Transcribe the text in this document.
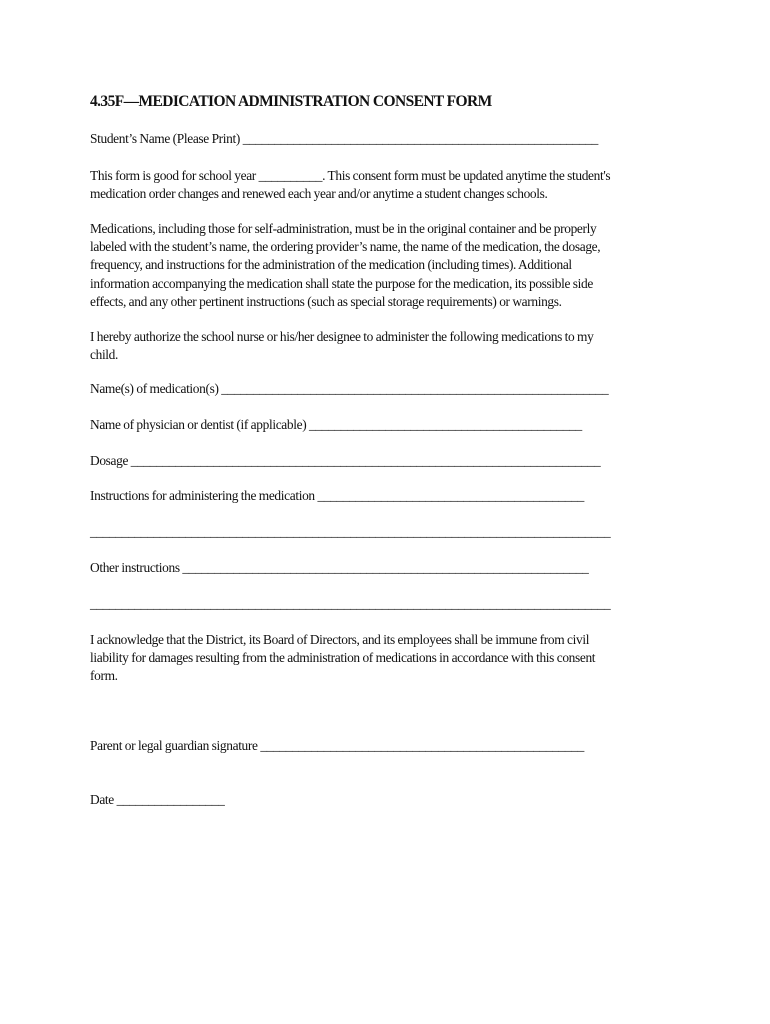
4.35F—MEDICATION ADMINISTRATION CONSENT FORM
Student’s Name (Please Print) ________________________________________________________
This form is good for school year __________. This consent form must be updated anytime the student's
medication order changes and renewed each year and/or anytime a student changes schools.
Medications, including those for self-administration, must be in the original container and be properly
labeled with the student’s name, the ordering provider’s name, the name of the medication, the dosage,
frequency, and instructions for the administration of the medication (including times). Additional
information accompanying the medication shall state the purpose for the medication, its possible side
effects, and any other pertinent instructions (such as special storage requirements) or warnings.
I hereby authorize the school nurse or his/her designee to administer the following medications to my
child.
Name(s) of medication(s) _____________________________________________________________
Name of physician or dentist (if applicable) ___________________________________________
Dosage __________________________________________________________________________
Instructions for administering the medication __________________________________________
__________________________________________________________________________________
Other instructions ________________________________________________________________
__________________________________________________________________________________
I acknowledge that the District, its Board of Directors, and its employees shall be immune from civil
liability for damages resulting from the administration of medications in accordance with this consent
form.
Parent or legal guardian signature ___________________________________________________
Date _________________
